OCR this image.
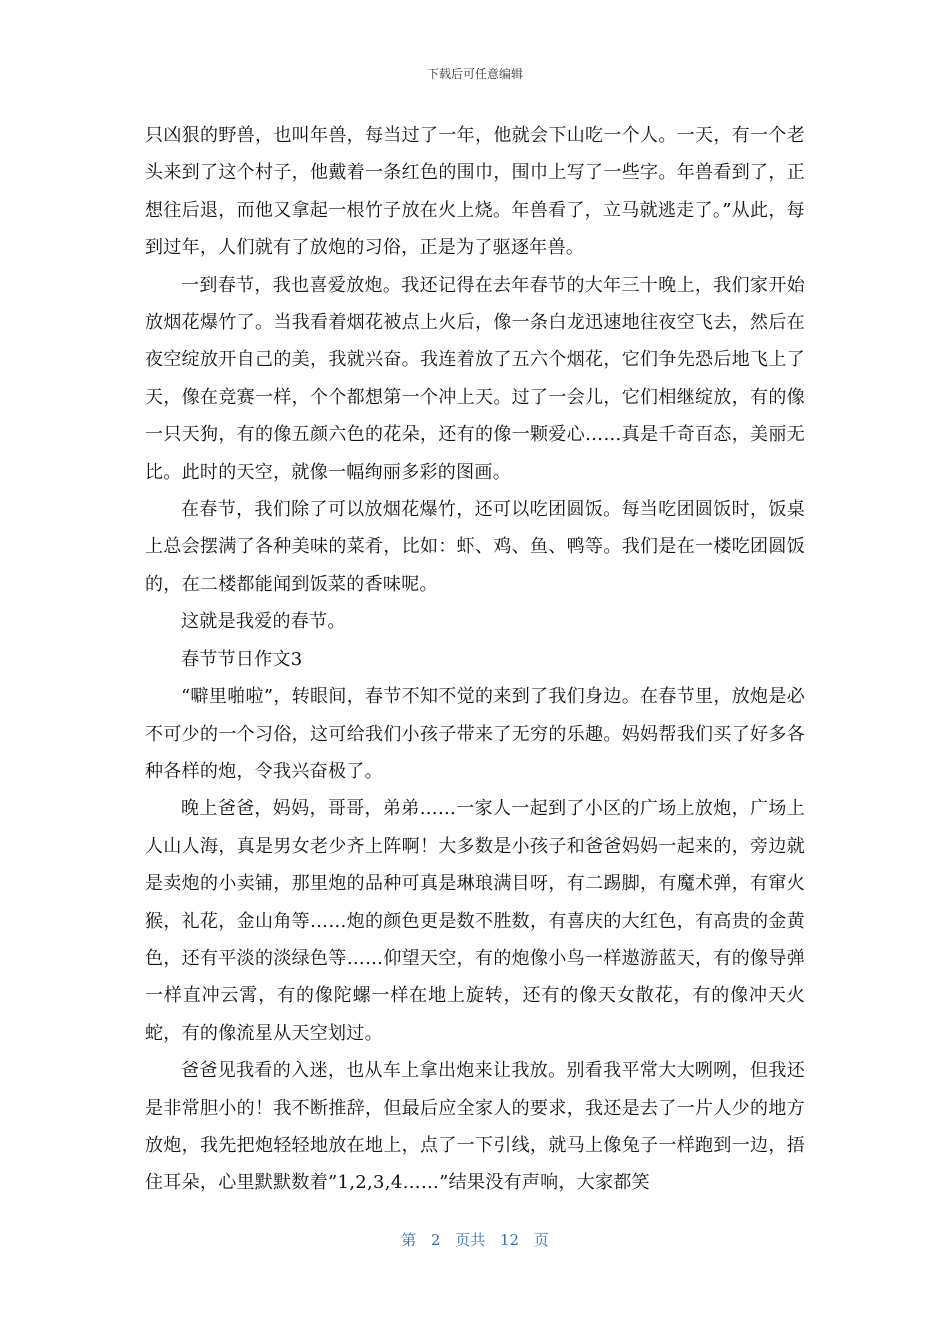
下载后可任意编辑

只凶狠的野兽，也叫年兽，每当过了一年，他就会下山吃一个人。一天，有一个老头来到了这个村子，他戴着一条红色的围巾，围巾上写了一些字。年兽看到了，正想往后退，而他又拿起一根竹子放在火上烧。年兽看了，立马就逃走了。”从此，每到过年，人们就有了放炮的习俗，正是为了驱逐年兽。

一到春节，我也喜爱放炮。我还记得在去年春节的大年三十晚上，我们家开始放烟花爆竹了。当我看着烟花被点上火后，像一条白龙迅速地往夜空飞去，然后在夜空绽放开自己的美，我就兴奋。我连着放了五六个烟花，它们争先恐后地飞上了天，像在竞赛一样，个个都想第一个冲上天。过了一会儿，它们相继绽放，有的像一只天狗，有的像五颜六色的花朵，还有的像一颗爱心……真是千奇百态，美丽无比。此时的天空，就像一幅绚丽多彩的图画。

在春节，我们除了可以放烟花爆竹，还可以吃团圆饭。每当吃团圆饭时，饭桌上总会摆满了各种美味的菜肴，比如：虾、鸡、鱼、鸭等。我们是在一楼吃团圆饭的，在二楼都能闻到饭菜的香味呢。

这就是我爱的春节。

春节节日作文3

“噼里啪啦”，转眼间，春节不知不觉的来到了我们身边。在春节里，放炮是必不可少的一个习俗，这可给我们小孩子带来了无穷的乐趣。妈妈帮我们买了好多各种各样的炮，令我兴奋极了。

晚上爸爸，妈妈，哥哥，弟弟……一家人一起到了小区的广场上放炮，广场上人山人海，真是男女老少齐上阵啊！大多数是小孩子和爸爸妈妈一起来的，旁边就是卖炮的小卖铺，那里炮的品种可真是琳琅满目呀，有二踢脚，有魔术弹，有窜火猴，礼花，金山角等……炮的颜色更是数不胜数，有喜庆的大红色，有高贵的金黄色，还有平淡的淡绿色等……仰望天空，有的炮像小鸟一样遨游蓝天，有的像导弹一样直冲云霄，有的像陀螺一样在地上旋转，还有的像天女散花，有的像冲天火蛇，有的像流星从天空划过。

爸爸见我看的入迷，也从车上拿出炮来让我放。别看我平常大大咧咧，但我还是非常胆小的！我不断推辞，但最后应全家人的要求，我还是去了一片人少的地方放炮，我先把炮轻轻地放在地上，点了一下引线，就马上像兔子一样跑到一边，捂住耳朵，心里默默数着”1,2,3,4……”结果没有声响，大家都笑

第 2 页共 12 页
